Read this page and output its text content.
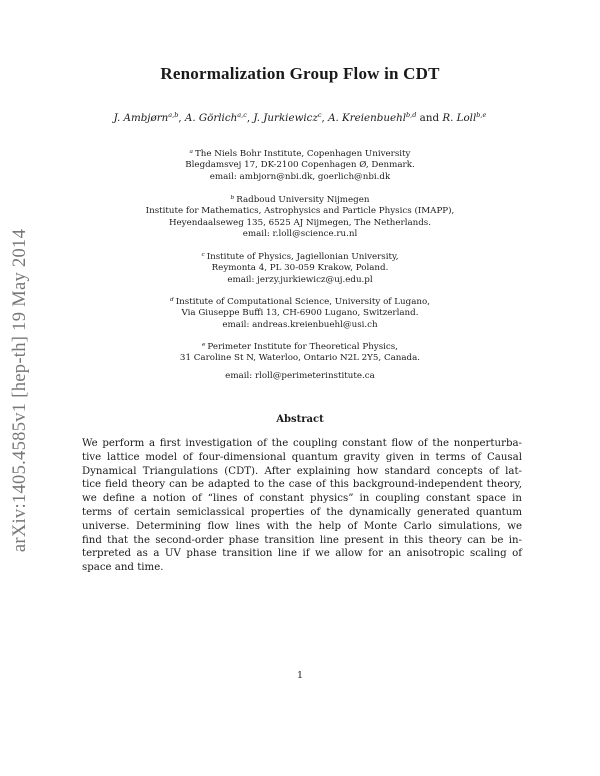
arXiv:1405.4585v1 [hep-th] 19 May 2014
Renormalization Group Flow in CDT
J. Ambjørn$^{a,b}$, A. Görlich$^{a,c}$, J. Jurkiewicz$^c$, A. Kreienbuehl$^{b,d}$ and R. Loll$^{b,e}$
$^a$ The Niels Bohr Institute, Copenhagen University
Blegdamsvej 17, DK-2100 Copenhagen Ø, Denmark.
email: ambjorn@nbi.dk, goerlich@nbi.dk
$^b$ Radboud University Nijmegen
Institute for Mathematics, Astrophysics and Particle Physics (IMAPP),
Heyendaalseweg 135, 6525 AJ Nijmegen, The Netherlands.
email: r.loll@science.ru.nl
$^c$ Institute of Physics, Jagiellonian University,
Reymonta 4, PL 30-059 Krakow, Poland.
email: jerzy.jurkiewicz@uj.edu.pl
$^d$ Institute of Computational Science, University of Lugano,
Via Giuseppe Buffi 13, CH-6900 Lugano, Switzerland.
email: andreas.kreienbuehl@usi.ch
$^e$ Perimeter Institute for Theoretical Physics,
31 Caroline St N, Waterloo, Ontario N2L 2Y5, Canada.
email: rloll@perimeterinstitute.ca
Abstract
We perform a first investigation of the coupling constant flow of the nonperturba-
tive lattice model of four-dimensional quantum gravity given in terms of Causal
Dynamical Triangulations (CDT). After explaining how standard concepts of lat-
tice field theory can be adapted to the case of this background-independent theory,
we define a notion of “lines of constant physics” in coupling constant space in
terms of certain semiclassical properties of the dynamically generated quantum
universe. Determining flow lines with the help of Monte Carlo simulations, we
find that the second-order phase transition line present in this theory can be in-
terpreted as a UV phase transition line if we allow for an anisotropic scaling of
space and time.
1
